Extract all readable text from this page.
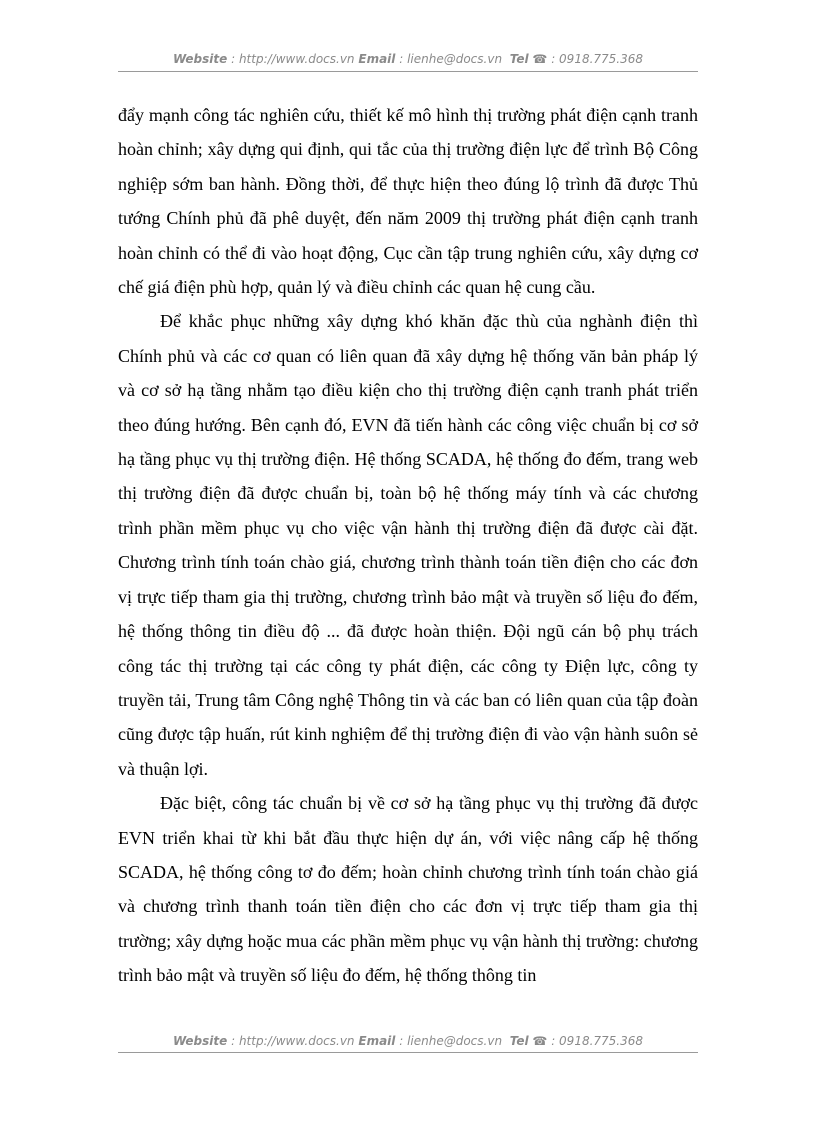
Website : http://www.docs.vn Email : lienhe@docs.vn Tel ☎ : 0918.775.368

đẩy mạnh công tác nghiên cứu, thiết kế mô hình thị trường phát điện cạnh tranh hoàn chỉnh; xây dựng qui định, qui tắc của thị trường điện lực để trình Bộ Công nghiệp sớm ban hành. Đồng thời, để thực hiện theo đúng lộ trình đã được Thủ tướng Chính phủ đã phê duyệt, đến năm 2009 thị trường phát điện cạnh tranh hoàn chỉnh có thể đi vào hoạt động, Cục cần tập trung nghiên cứu, xây dựng cơ chế giá điện phù hợp, quản lý và điều chỉnh các quan hệ cung cầu.

Để khắc phục những xây dựng khó khăn đặc thù của nghành điện thì Chính phủ và các cơ quan có liên quan đã xây dựng hệ thống văn bản pháp lý và cơ sở hạ tầng nhằm tạo điều kiện cho thị trường điện cạnh tranh phát triển theo đúng hướng. Bên cạnh đó, EVN đã tiến hành các công việc chuẩn bị cơ sở hạ tầng phục vụ thị trường điện. Hệ thống SCADA, hệ thống đo đếm, trang web thị trường điện đã được chuẩn bị, toàn bộ hệ thống máy tính và các chương trình phần mềm phục vụ cho việc vận hành thị trường điện đã được cài đặt. Chương trình tính toán chào giá, chương trình thành toán tiền điện cho các đơn vị trực tiếp tham gia thị trường, chương trình bảo mật và truyền số liệu đo đếm, hệ thống thông tin điều độ ... đã được hoàn thiện. Đội ngũ cán bộ phụ trách công tác thị trường tại các công ty phát điện, các công ty Điện lực, công ty truyền tải, Trung tâm Công nghệ Thông tin và các ban có liên quan của tập đoàn cũng được tập huấn, rút kinh nghiệm để thị trường điện đi vào vận hành suôn sẻ và thuận lợi.

Đặc biệt, công tác chuẩn bị về cơ sở hạ tầng phục vụ thị trường đã được EVN triển khai từ khi bắt đầu thực hiện dự án, với việc nâng cấp hệ thống SCADA, hệ thống công tơ đo đếm; hoàn chỉnh chương trình tính toán chào giá và chương trình thanh toán tiền điện cho các đơn vị trực tiếp tham gia thị trường; xây dựng hoặc mua các phần mềm phục vụ vận hành thị trường: chương trình bảo mật và truyền số liệu đo đếm, hệ thống thông tin

Website : http://www.docs.vn Email : lienhe@docs.vn Tel ☎ : 0918.775.368
